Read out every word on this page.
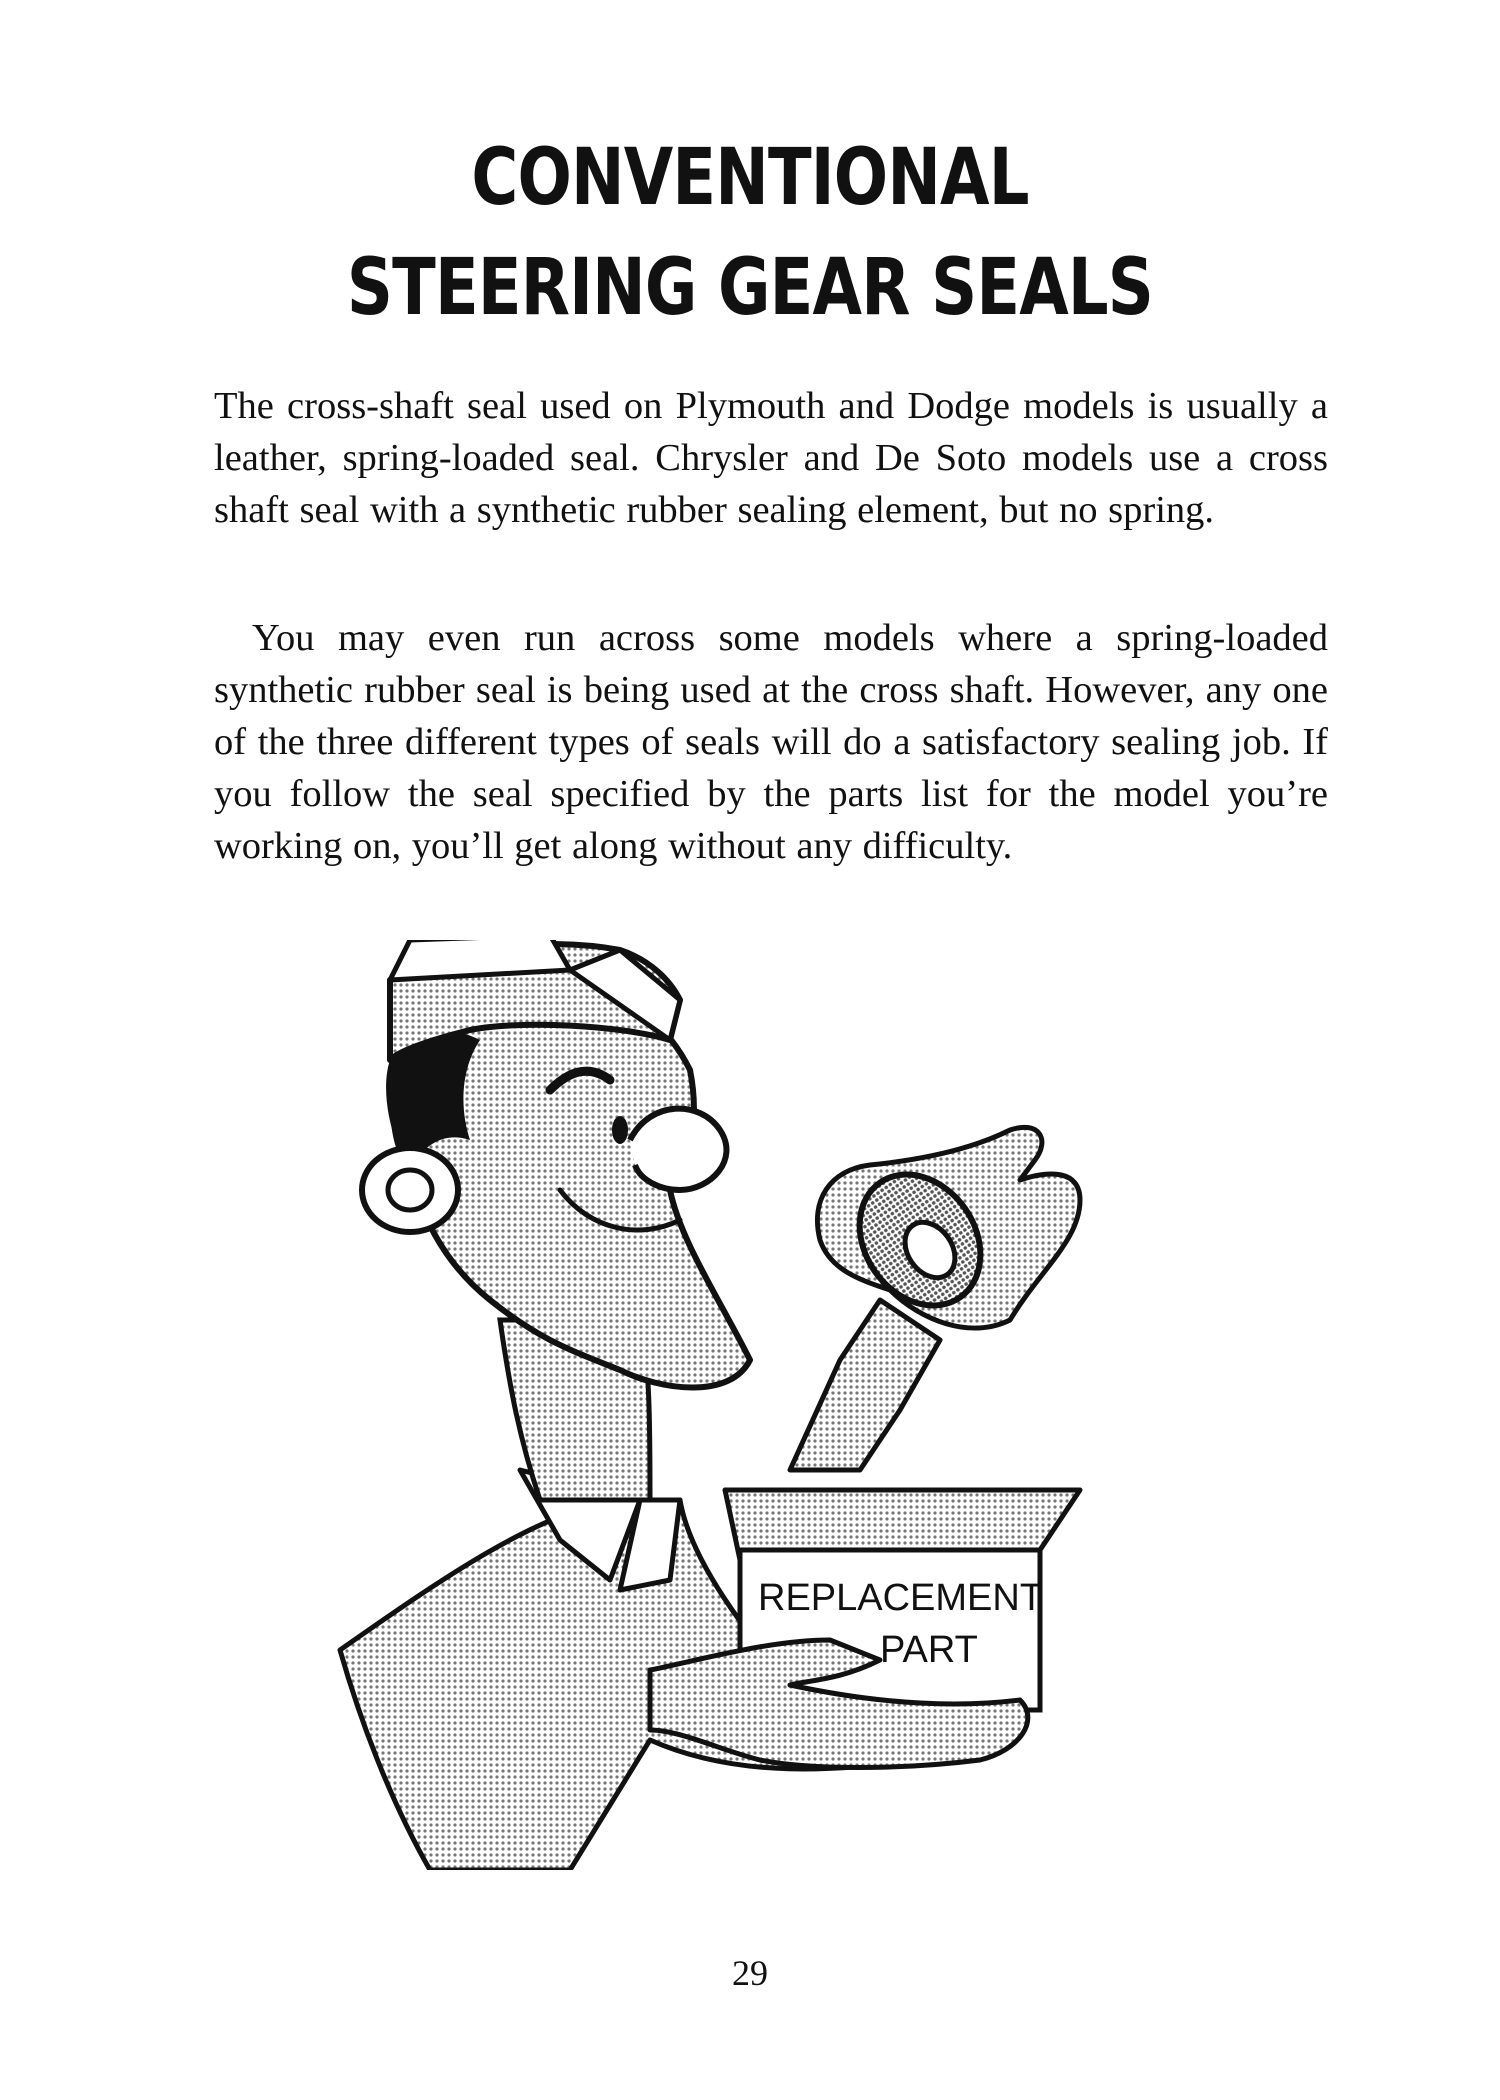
CONVENTIONAL
STEERING GEAR SEALS

The cross-shaft seal used on Plymouth and Dodge models is usually a leather, spring-loaded seal. Chrysler and De Soto models use a cross shaft seal with a synthetic rubber sealing element, but no spring.

You may even run across some models where a spring-loaded synthetic rubber seal is being used at the cross shaft. However, any one of the three different types of seals will do a satisfactory sealing job. If you follow the seal specified by the parts list for the model you’re working on, you’ll get along without any difficulty.

REPLACEMENT
PART

29
